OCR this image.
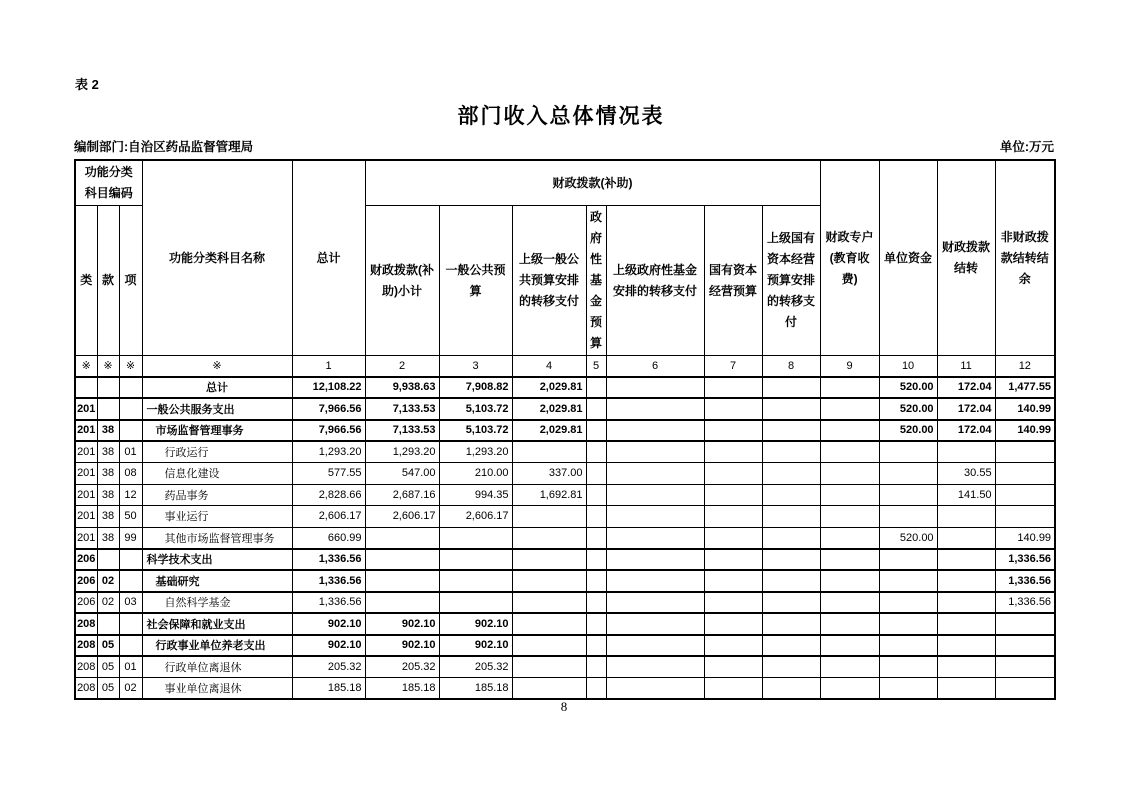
表 2
部门收入总体情况表
编制部门:自治区药品监督管理局	单位:万元
功能分类科目编码			功能分类科目名称	总计	财政拨款(补助)							财政专户(教育收费)	单位资金	财政拨款结转	非财政拨款结转结余
类	款	项			财政拨款(补助)小计	一般公共预算	上级一般公共预算安排的转移支付	政府性基金预算	上级政府性基金安排的转移支付	国有资本经营预算	上级国有资本经营预算安排的转移支付				
※	※	※	※	1	2	3	4	5	6	7	8	9	10	11	12
			总计	12,108.22	9,938.63	7,908.82	2,029.81						520.00	172.04	1,477.55
201			一般公共服务支出	7,966.56	7,133.53	5,103.72	2,029.81						520.00	172.04	140.99
201	38		市场监督管理事务	7,966.56	7,133.53	5,103.72	2,029.81						520.00	172.04	140.99
201	38	01	行政运行	1,293.20	1,293.20	1,293.20									
201	38	08	信息化建设	577.55	547.00	210.00	337.00							30.55	
201	38	12	药品事务	2,828.66	2,687.16	994.35	1,692.81							141.50	
201	38	50	事业运行	2,606.17	2,606.17	2,606.17									
201	38	99	其他市场监督管理事务	660.99									520.00		140.99
206			科学技术支出	1,336.56											1,336.56
206	02		基础研究	1,336.56											1,336.56
206	02	03	自然科学基金	1,336.56											1,336.56
208			社会保障和就业支出	902.10	902.10	902.10									
208	05		行政事业单位养老支出	902.10	902.10	902.10									
208	05	01	行政单位离退休	205.32	205.32	205.32									
208	05	02	事业单位离退休	185.18	185.18	185.18									
8
